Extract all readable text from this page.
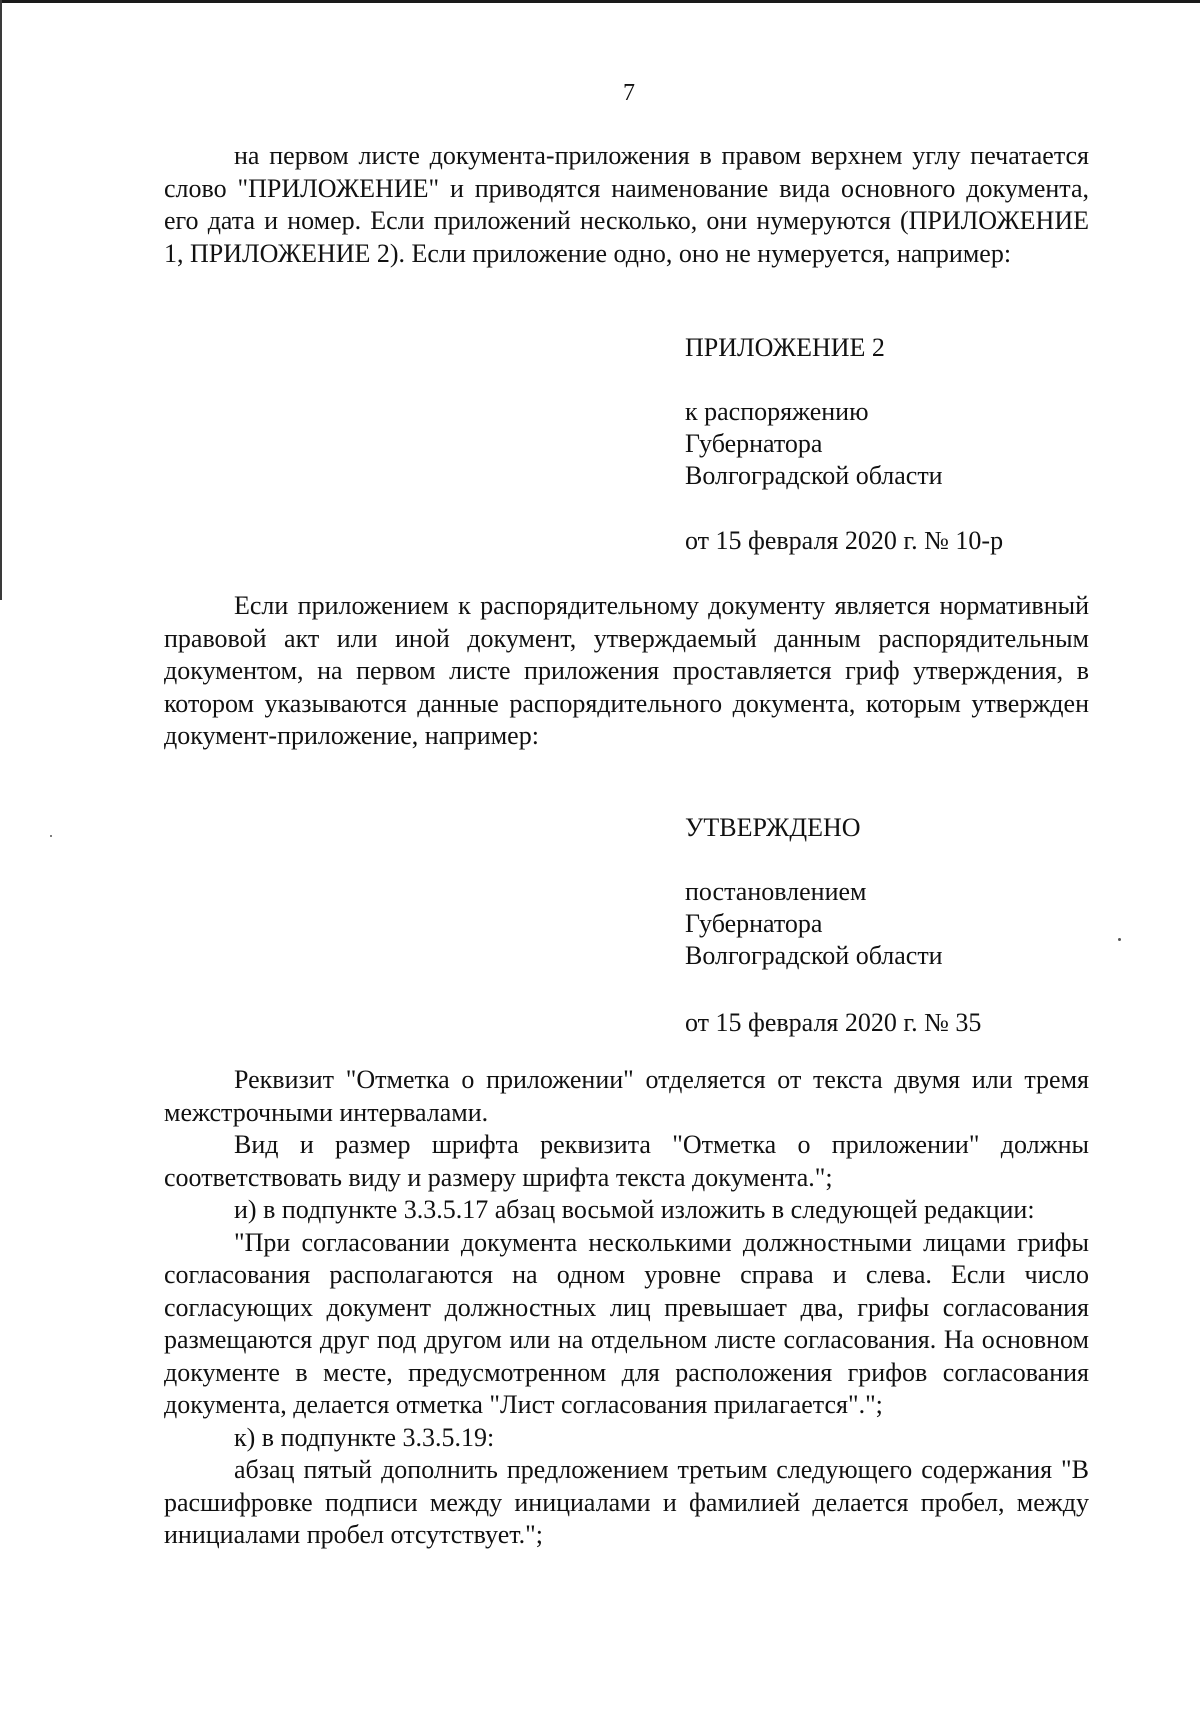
7

на первом листе документа-приложения в правом верхнем углу печатается слово "ПРИЛОЖЕНИЕ" и приводятся наименование вида основного документа, его дата и номер. Если приложений несколько, они нумеруются (ПРИЛОЖЕНИЕ 1, ПРИЛОЖЕНИЕ 2). Если приложение одно, оно не нумеруется, например:

ПРИЛОЖЕНИЕ 2
к распоряжению
Губернатора
Волгоградской области
от 15 февраля 2020 г. № 10-р

Если приложением к распорядительному документу является нормативный правовой акт или иной документ, утверждаемый данным распорядительным документом, на первом листе приложения проставляется гриф утверждения, в котором указываются данные распорядительного документа, которым утвержден документ-приложение, например:

УТВЕРЖДЕНО
постановлением
Губернатора
Волгоградской области
от 15 февраля 2020 г. № 35

Реквизит "Отметка о приложении" отделяется от текста двумя или тремя межстрочными интервалами.

Вид и размер шрифта реквизита "Отметка о приложении" должны соответствовать виду и размеру шрифта текста документа.";

и) в подпункте 3.3.5.17 абзац восьмой изложить в следующей редакции:

"При согласовании документа несколькими должностными лицами грифы согласования располагаются на одном уровне справа и слева. Если число согласующих документ должностных лиц превышает два, грифы согласования размещаются друг под другом или на отдельном листе согласования. На основном документе в месте, предусмотренном для расположения грифов согласования документа, делается отметка "Лист согласования прилагается".";

к) в подпункте 3.3.5.19:

абзац пятый дополнить предложением третьим следующего содержания "В расшифровке подписи между инициалами и фамилией делается пробел, между инициалами пробел отсутствует.";
